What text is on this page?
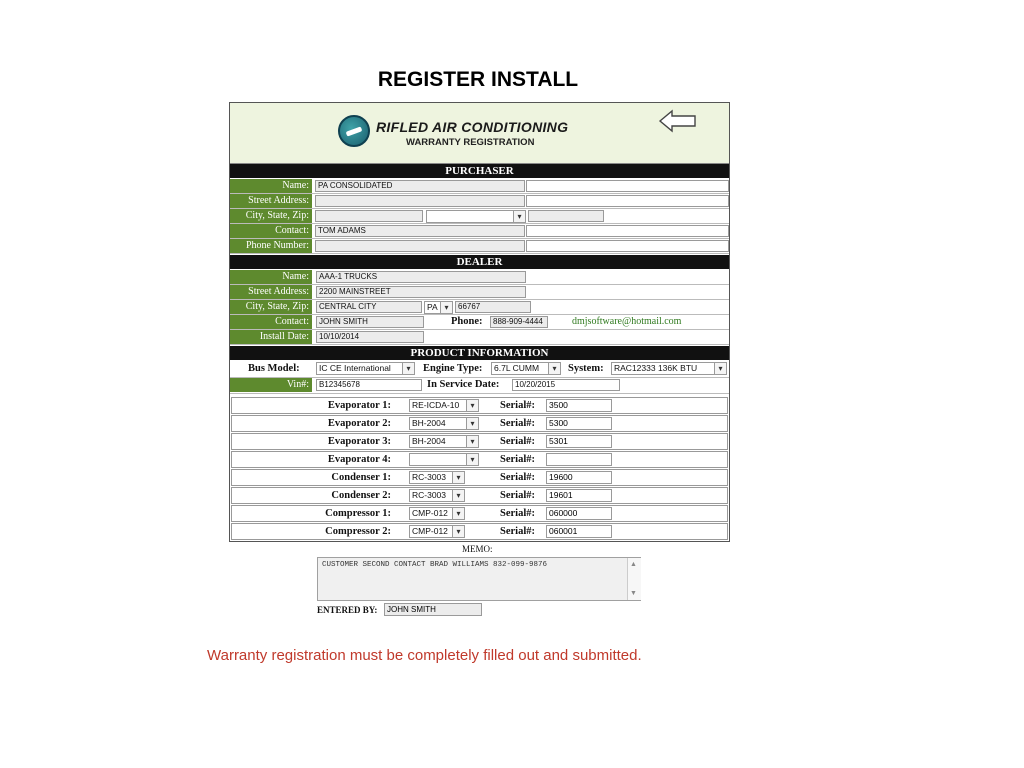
REGISTER INSTALL
RIFLED AIR CONDITIONING
WARRANTY REGISTRATION
PURCHASER
Name:	PA CONSOLIDATED
Street Address:
City, State, Zip:	▾
Contact:	TOM ADAMS
Phone Number:
DEALER
Name:	AAA-1 TRUCKS
Street Address:	2200 MAINSTREET
City, State, Zip:	CENTRAL CITY	PA ▾	66767
Contact:	JOHN SMITH	Phone:	888-909-4444	dmjsoftware@hotmail.com
Install Date:	10/10/2014
PRODUCT INFORMATION
Bus Model:	IC CE International	▾	Engine Type:	6.7L CUMM	▾	System:	RAC12333 136K BTU	▾
Vin#:	B12345678	In Service Date:	10/20/2015
Evaporator 1:	RE-ICDA-10	▾	Serial#:	3500
Evaporator 2:	BH-2004	▾	Serial#:	5300
Evaporator 3:	BH-2004	▾	Serial#:	5301
Evaporator 4:	▾	Serial#:
Condenser 1:	RC-3003	▾	Serial#:	19600
Condenser 2:	RC-3003	▾	Serial#:	19601
Compressor 1:	CMP-012	▾	Serial#:	060000
Compressor 2:	CMP-012	▾	Serial#:	060001
MEMO:
CUSTOMER SECOND CONTACT BRAD WILLIAMS 832-099-9876	▲
▼
ENTERED BY:	JOHN SMITH
Warranty registration must be completely filled out and submitted.
